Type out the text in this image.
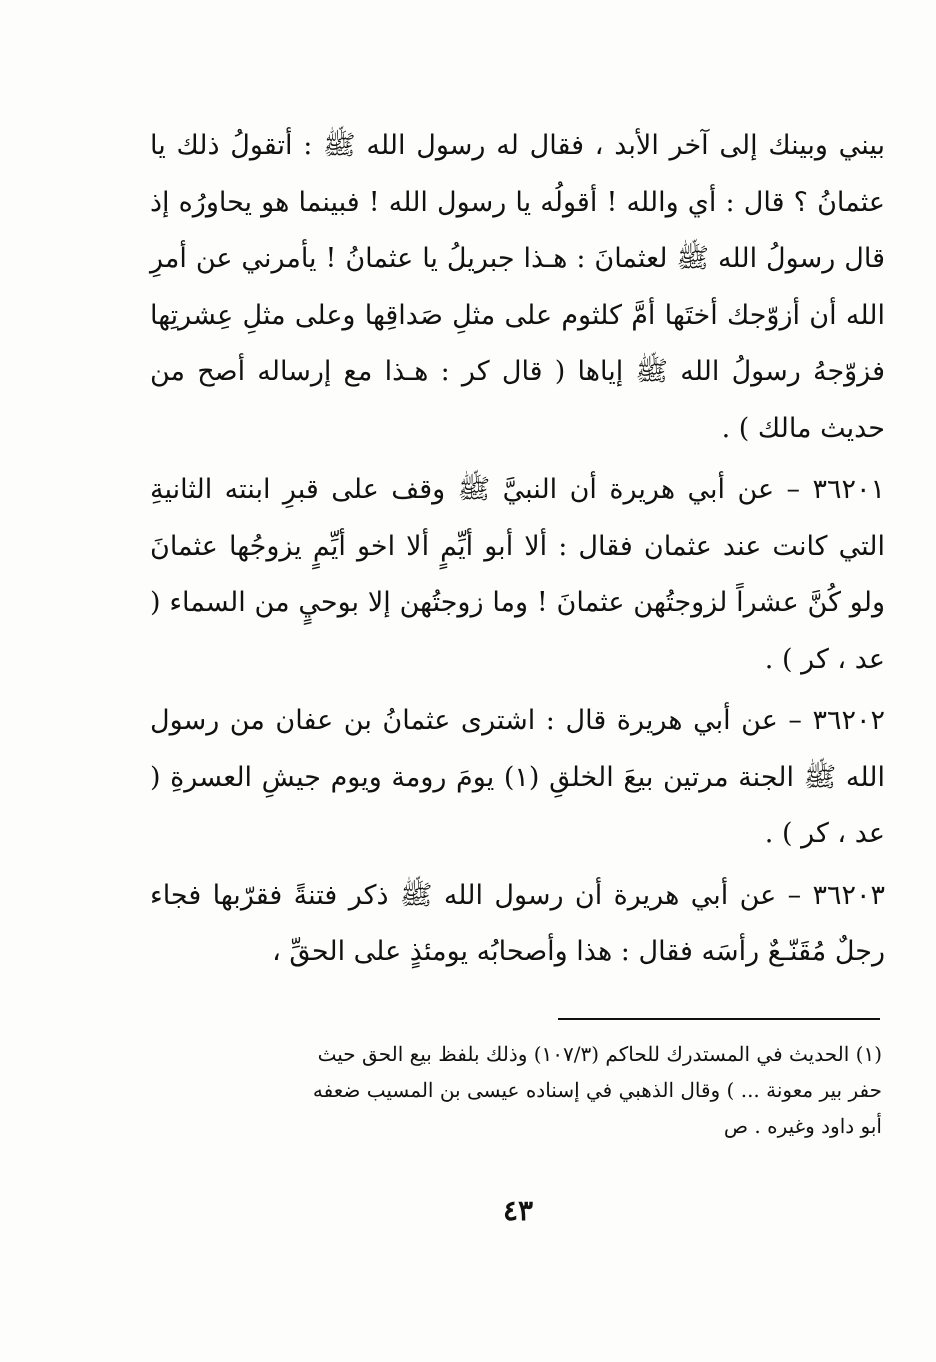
بيني وبينك إلى آخر الأبد ، فقال له رسول الله ﷺ : أتقولُ ذلك يا عثمانُ ؟ قال : أي والله ! أقولُه يا رسول الله ! فبينما هو يحاورُه إذ قال رسولُ الله ﷺ لعثمانَ : هـذا جبريلُ يا عثمانُ ! يأمرني عن أمرِ الله أن أزوّجك أختَها أمَّ كلثوم على مثلِ صَداقِها وعلى مثلِ عِشرتِها فزوّجهُ رسولُ الله ﷺ إياها ( قال كر : هـذا مع إرساله أصح من حديث مالك ) .

٣٦٢٠١ – عن أبي هريرة أن النبيَّ ﷺ وقف على قبرِ ابنته الثانيةِ التي كانت عند عثمان فقال : ألا أبو أيِّمٍ ألا اخو أيِّمٍ يزوجُها عثمانَ ولو كُنَّ عشراً لزوجتُهن عثمانَ ! وما زوجتُهن إلا بوحيٍ من السماء ( عد ، كر ) .

٣٦٢٠٢ – عن أبي هريرة قال : اشترى عثمانُ بن عفان من رسول الله ﷺ الجنة مرتين بيعَ الخلقِ (١) يومَ رومة ويوم جيشِ العسرةِ ( عد ، كر ) .

٣٦٢٠٣ – عن أبي هريرة أن رسول الله ﷺ ذكر فتنةً فقرّبها فجاء رجلٌ مُقَنّـعٌ رأسَه فقال : هذا وأصحابُه يومئذٍ على الحقِّ ،

(١) الحديث في المستدرك للحاكم (١٠٧/٣) وذلك بلفظ بيع الحق حيث
حفر بير معونة ... ) وقال الذهبي في إسناده عيسى بن المسيب ضعفه
أبو داود وغيره . ص
٤٣
